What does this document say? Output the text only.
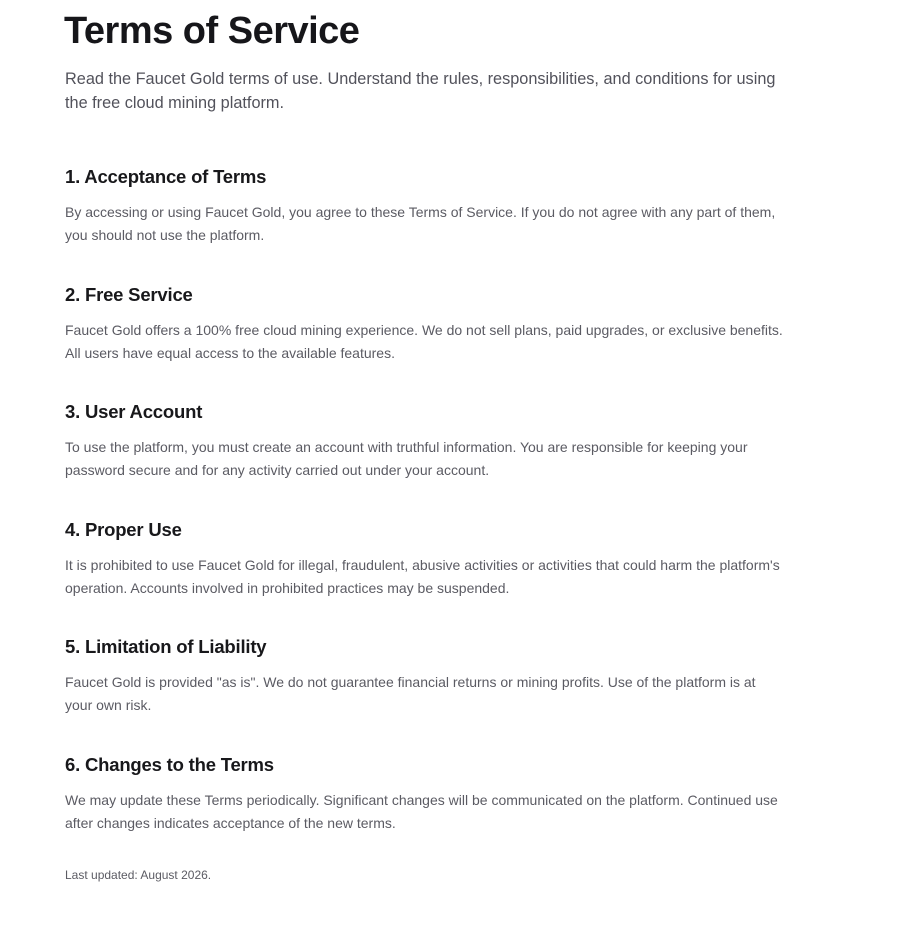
Terms of Service

Read the Faucet Gold terms of use. Understand the rules, responsibilities, and conditions for using the free cloud mining platform.

1. Acceptance of Terms

By accessing or using Faucet Gold, you agree to these Terms of Service. If you do not agree with any part of them, you should not use the platform.

2. Free Service

Faucet Gold offers a 100% free cloud mining experience. We do not sell plans, paid upgrades, or exclusive benefits. All users have equal access to the available features.

3. User Account

To use the platform, you must create an account with truthful information. You are responsible for keeping your password secure and for any activity carried out under your account.

4. Proper Use

It is prohibited to use Faucet Gold for illegal, fraudulent, abusive activities or activities that could harm the platform's operation. Accounts involved in prohibited practices may be suspended.

5. Limitation of Liability

Faucet Gold is provided "as is". We do not guarantee financial returns or mining profits. Use of the platform is at your own risk.

6. Changes to the Terms

We may update these Terms periodically. Significant changes will be communicated on the platform. Continued use after changes indicates acceptance of the new terms.

Last updated: August 2026.
